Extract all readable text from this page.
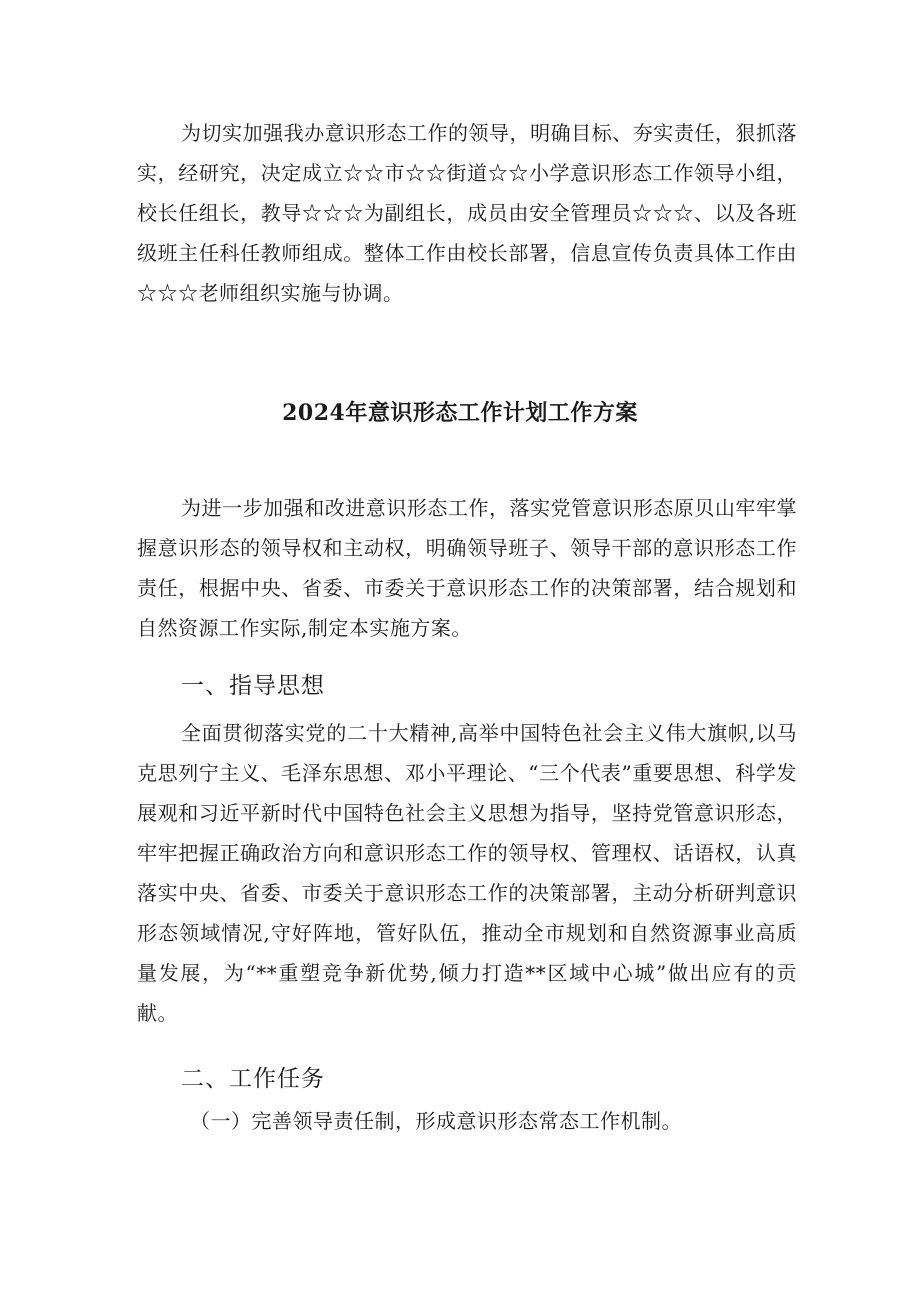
为切实加强我办意识形态工作的领导，明确目标、夯实责任，狠抓落实，经研究，决定成立☆☆市☆☆街道☆☆小学意识形态工作领导小组，校长任组长，教导☆☆☆为副组长，成员由安全管理员☆☆☆、以及各班级班主任科任教师组成。整体工作由校长部署，信息宣传负责具体工作由☆☆☆老师组织实施与协调。

2024年意识形态工作计划工作方案

为进一步加强和改进意识形态工作，落实党管意识形态原贝山牢牢掌握意识形态的领导权和主动权，明确领导班子、领导干部的意识形态工作责任，根据中央、省委、市委关于意识形态工作的决策部署，结合规划和自然资源工作实际,制定本实施方案。

一、指导思想

全面贯彻落实党的二十大精神,高举中国特色社会主义伟大旗帜,以马克思列宁主义、毛泽东思想、邓小平理论、“三个代表”重要思想、科学发展观和习近平新时代中国特色社会主义思想为指导，坚持党管意识形态，牢牢把握正确政治方向和意识形态工作的领导权、管理权、话语权，认真落实中央、省委、市委关于意识形态工作的决策部署，主动分析研判意识形态领域情况,守好阵地，管好队伍，推动全市规划和自然资源事业高质量发展，为“**重塑竞争新优势,倾力打造**区域中心城”做出应有的贡献。

二、工作任务

（一）完善领导责任制，形成意识形态常态工作机制。
